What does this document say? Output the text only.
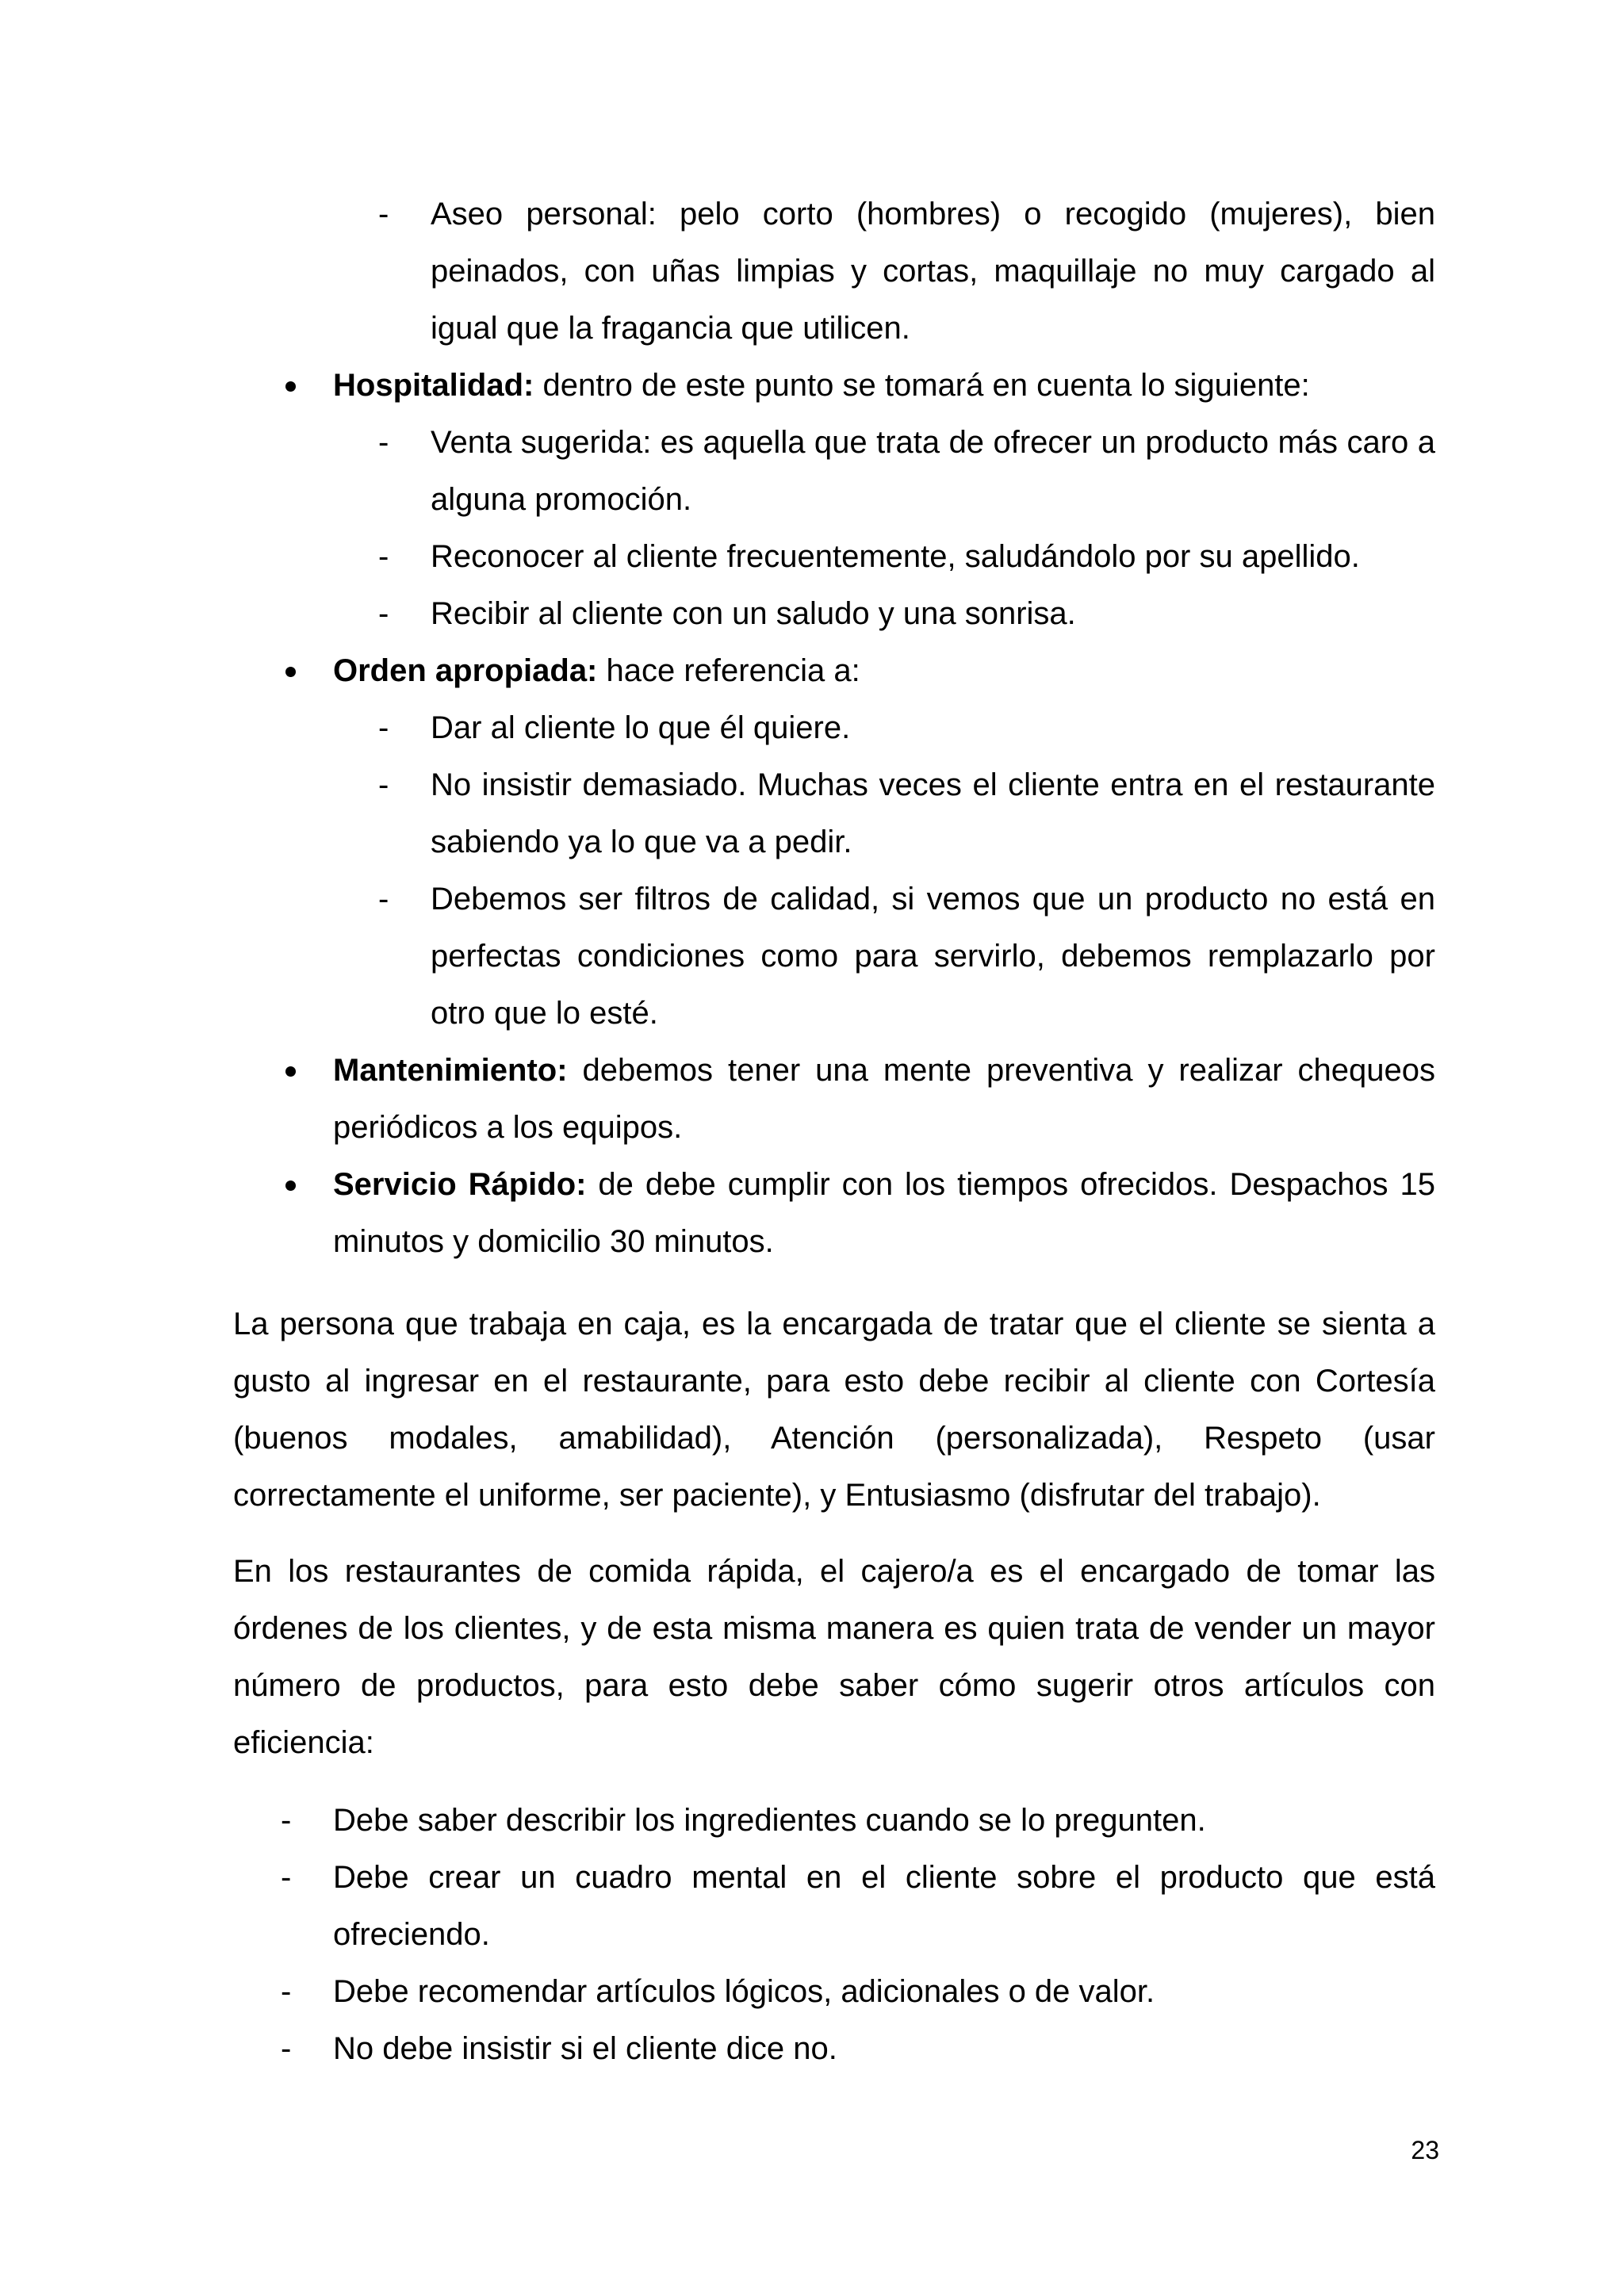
- Aseo personal: pelo corto (hombres) o recogido (mujeres), bien peinados, con uñas limpias y cortas, maquillaje no muy cargado al igual que la fragancia que utilicen.
Hospitalidad: dentro de este punto se tomará en cuenta lo siguiente:
- Venta sugerida: es aquella que trata de ofrecer un producto más caro a alguna promoción.
- Reconocer al cliente frecuentemente, saludándolo por su apellido.
- Recibir al cliente con un saludo y una sonrisa.
Orden apropiada: hace referencia a:
- Dar al cliente lo que él quiere.
- No insistir demasiado. Muchas veces el cliente entra en el restaurante sabiendo ya lo que va a pedir.
- Debemos ser filtros de calidad, si vemos que un producto no está en perfectas condiciones como para servirlo, debemos remplazarlo por otro que lo esté.
Mantenimiento: debemos tener una mente preventiva y realizar chequeos periódicos a los equipos.
Servicio Rápido: de debe cumplir con los tiempos ofrecidos. Despachos 15 minutos y domicilio 30 minutos.
La persona que trabaja en caja, es la encargada de tratar que el cliente se sienta a gusto al ingresar en el restaurante, para esto debe recibir al cliente con Cortesía (buenos modales, amabilidad), Atención (personalizada), Respeto (usar correctamente el uniforme, ser paciente), y Entusiasmo (disfrutar del trabajo).
En los restaurantes de comida rápida, el cajero/a es el encargado de tomar las órdenes de los clientes, y de esta misma manera es quien trata de vender un mayor número de productos, para esto debe saber cómo sugerir otros artículos con eficiencia:
- Debe saber describir los ingredientes cuando se lo pregunten.
- Debe crear un cuadro mental en el cliente sobre el producto que está ofreciendo.
- Debe recomendar artículos lógicos, adicionales o de valor.
- No debe insistir si el cliente dice no.
23
